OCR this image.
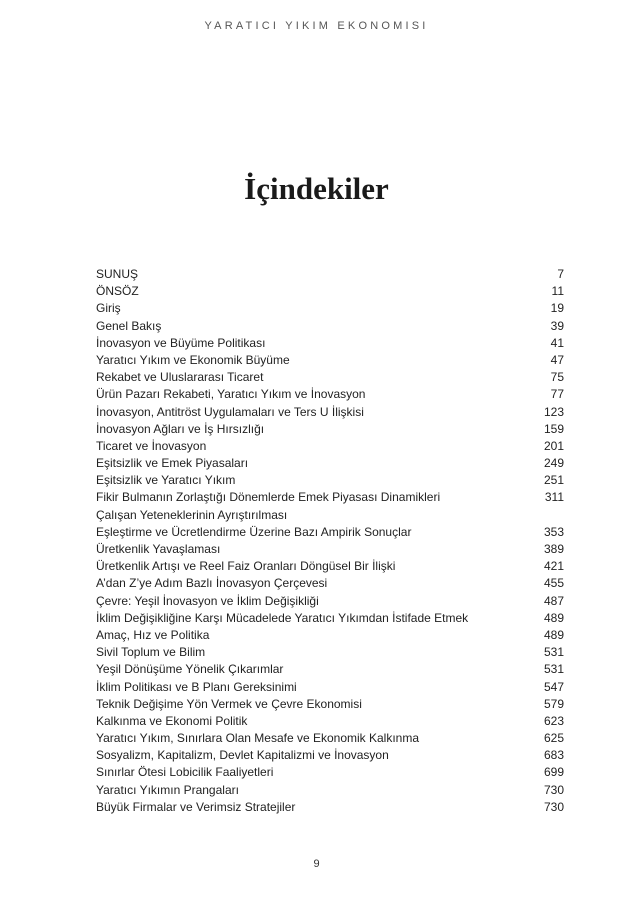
YARATICI YIKIM EKONOMISI
İçindekiler
SUNUŞ	7
ÖNSÖZ	11
Giriş	19
Genel Bakış	39
İnovasyon ve Büyüme Politikası	41
Yaratıcı Yıkım ve Ekonomik Büyüme	47
Rekabet ve Uluslararası Ticaret	75
Ürün Pazarı Rekabeti, Yaratıcı Yıkım ve İnovasyon	77
İnovasyon, Antitröst Uygulamaları ve Ters U İlişkisi	123
İnovasyon Ağları ve İş Hırsızlığı	159
Ticaret ve İnovasyon	201
Eşitsizlik ve Emek Piyasaları	249
Eşitsizlik ve Yaratıcı Yıkım	251
Fikir Bulmanın Zorlaştığı Dönemlerde Emek Piyasası Dinamikleri	311
Çalışan Yeteneklerinin Ayrıştırılması
Eşleştirme ve Ücretlendirme Üzerine Bazı Ampirik Sonuçlar	353
Üretkenlik Yavaşlaması	389
Üretkenlik Artışı ve Reel Faiz Oranları Döngüsel Bir İlişki	421
A’dan Z’ye Adım Bazlı İnovasyon Çerçevesi	455
Çevre: Yeşil İnovasyon ve İklim Değişikliği	487
İklim Değişikliğine Karşı Mücadelede Yaratıcı Yıkımdan İstifade Etmek	489
Amaç, Hız ve Politika	489
Sivil Toplum ve Bilim	531
Yeşil Dönüşüme Yönelik Çıkarımlar	531
İklim Politikası ve B Planı Gereksinimi	547
Teknik Değişime Yön Vermek ve Çevre Ekonomisi	579
Kalkınma ve Ekonomi Politik	623
Yaratıcı Yıkım, Sınırlara Olan Mesafe ve Ekonomik Kalkınma	625
Sosyalizm, Kapitalizm, Devlet Kapitalizmi ve İnovasyon	683
Sınırlar Ötesi Lobicilik Faaliyetleri	699
Yaratıcı Yıkımın Prangaları	730
Büyük Firmalar ve Verimsiz Stratejiler	730
9
